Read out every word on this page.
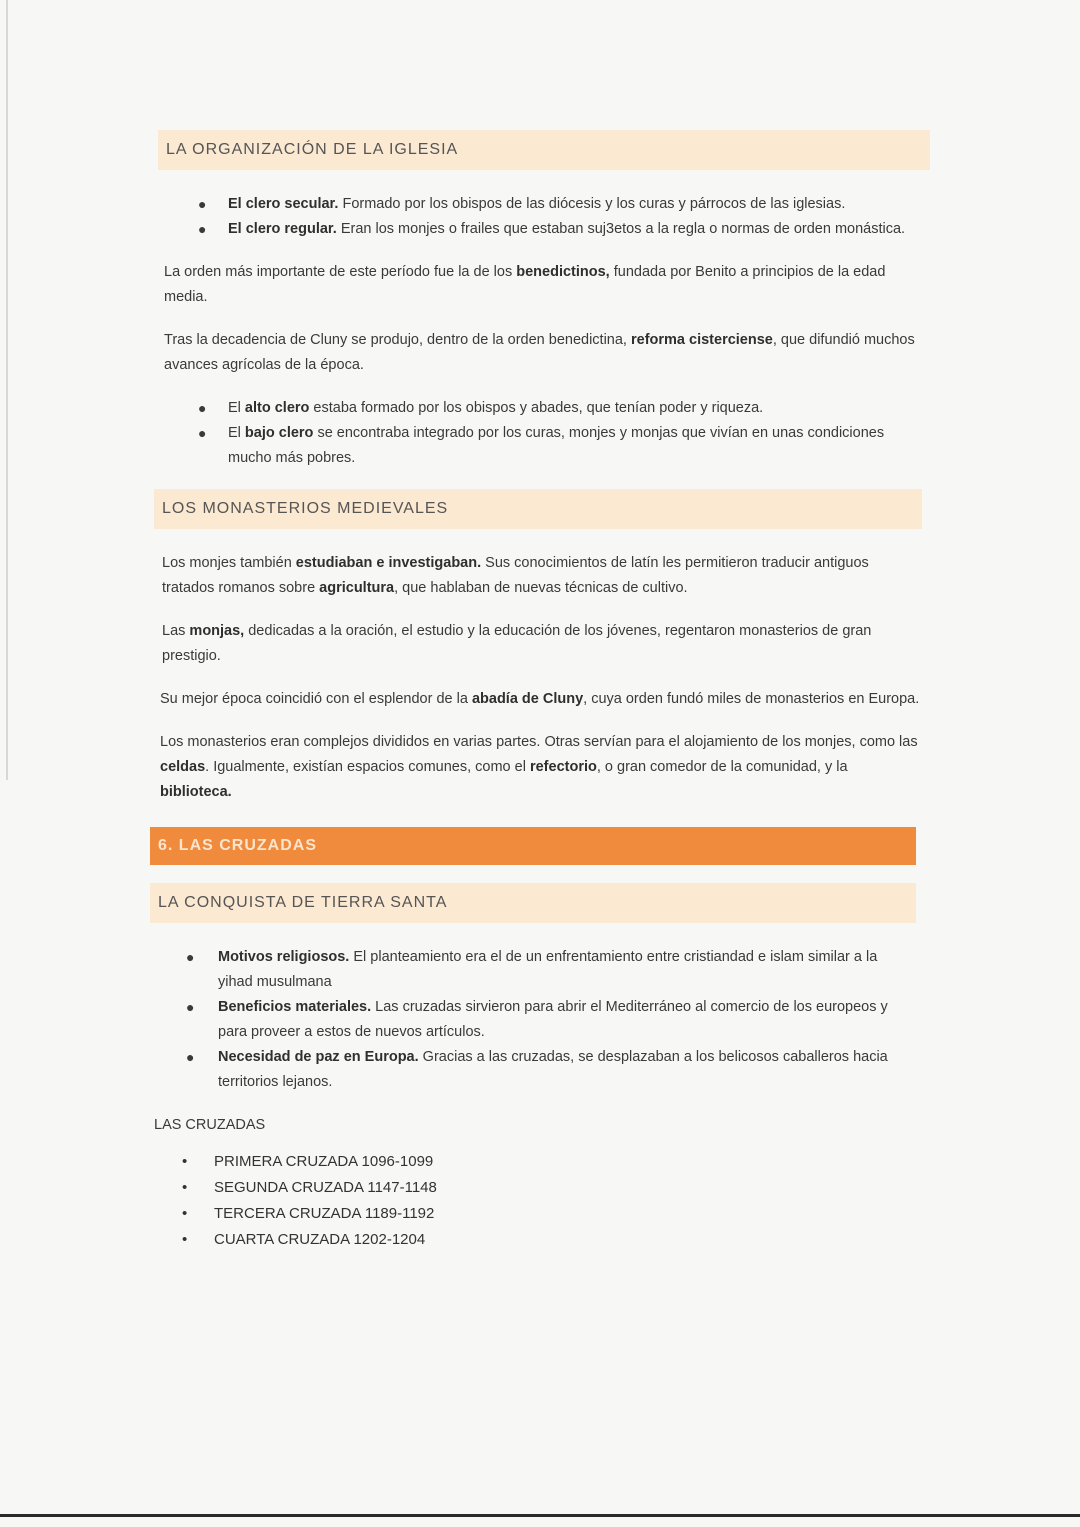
LA ORGANIZACIÓN DE LA IGLESIA
● El clero secular. Formado por los obispos de las diócesis y los curas y párrocos de las iglesias.
● El clero regular. Eran los monjes o frailes que estaban suj3etos a la regla o normas de orden monástica.

La orden más importante de este período fue la de los benedictinos, fundada por Benito a principios de la edad media.

Tras la decadencia de Cluny se produjo, dentro de la orden benedictina, reforma cisterciense, que difundió muchos avances agrícolas de la época.

● El alto clero estaba formado por los obispos y abades, que tenían poder y riqueza.
● El bajo clero se encontraba integrado por los curas, monjes y monjas que vivían en unas condiciones mucho más pobres.
LOS MONASTERIOS MEDIEVALES

Los monjes también estudiaban e investigaban. Sus conocimientos de latín les permitieron traducir antiguos tratados romanos sobre agricultura, que hablaban de nuevas técnicas de cultivo.

Las monjas, dedicadas a la oración, el estudio y la educación de los jóvenes, regentaron monasterios de gran prestigio.

Su mejor época coincidió con el esplendor de la abadía de Cluny, cuya orden fundó miles de monasterios en Europa.

Los monasterios eran complejos divididos en varias partes. Otras servían para el alojamiento de los monjes, como las celdas. Igualmente, existían espacios comunes, como el refectorio, o gran comedor de la comunidad, y la biblioteca.

6. LAS CRUZADAS
LA CONQUISTA DE TIERRA SANTA
● Motivos religiosos. El planteamiento era el de un enfrentamiento entre cristiandad e islam similar a la yihad musulmana
● Beneficios materiales. Las cruzadas sirvieron para abrir el Mediterráneo al comercio de los europeos y para proveer a estos de nuevos artículos.
● Necesidad de paz en Europa. Gracias a las cruzadas, se desplazaban a los belicosos caballeros hacia territorios lejanos.
LAS CRUZADAS
• PRIMERA CRUZADA 1096-1099
• SEGUNDA CRUZADA 1147-1148
• TERCERA CRUZADA 1189-1192
• CUARTA CRUZADA 1202-1204
